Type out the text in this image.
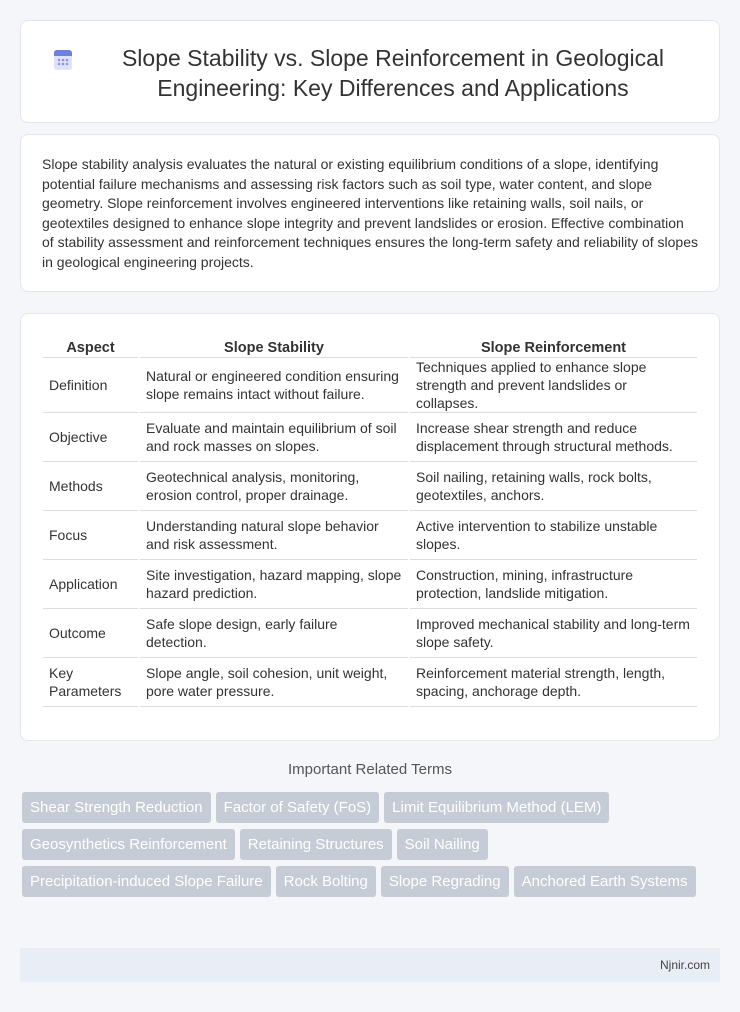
Slope Stability vs. Slope Reinforcement in Geological Engineering: Key Differences and Applications

Slope stability analysis evaluates the natural or existing equilibrium conditions of a slope, identifying potential failure mechanisms and assessing risk factors such as soil type, water content, and slope geometry. Slope reinforcement involves engineered interventions like retaining walls, soil nails, or geotextiles designed to enhance slope integrity and prevent landslides or erosion. Effective combination of stability assessment and reinforcement techniques ensures the long-term safety and reliability of slopes in geological engineering projects.

Aspect	Slope Stability	Slope Reinforcement
Definition	Natural or engineered condition ensuring slope remains intact without failure.	Techniques applied to enhance slope strength and prevent landslides or collapses.
Objective	Evaluate and maintain equilibrium of soil and rock masses on slopes.	Increase shear strength and reduce displacement through structural methods.
Methods	Geotechnical analysis, monitoring, erosion control, proper drainage.	Soil nailing, retaining walls, rock bolts, geotextiles, anchors.
Focus	Understanding natural slope behavior and risk assessment.	Active intervention to stabilize unstable slopes.
Application	Site investigation, hazard mapping, slope hazard prediction.	Construction, mining, infrastructure protection, landslide mitigation.
Outcome	Safe slope design, early failure detection.	Improved mechanical stability and long-term slope safety.
Key Parameters	Slope angle, soil cohesion, unit weight, pore water pressure.	Reinforcement material strength, length, spacing, anchorage depth.
Important Related Terms
Shear Strength Reduction	Factor of Safety (FoS)	Limit Equilibrium Method (LEM)
Geosynthetics Reinforcement	Retaining Structures	Soil Nailing
Precipitation-induced Slope Failure	Rock Bolting	Slope Regrading	Anchored Earth Systems
Njnir.com
